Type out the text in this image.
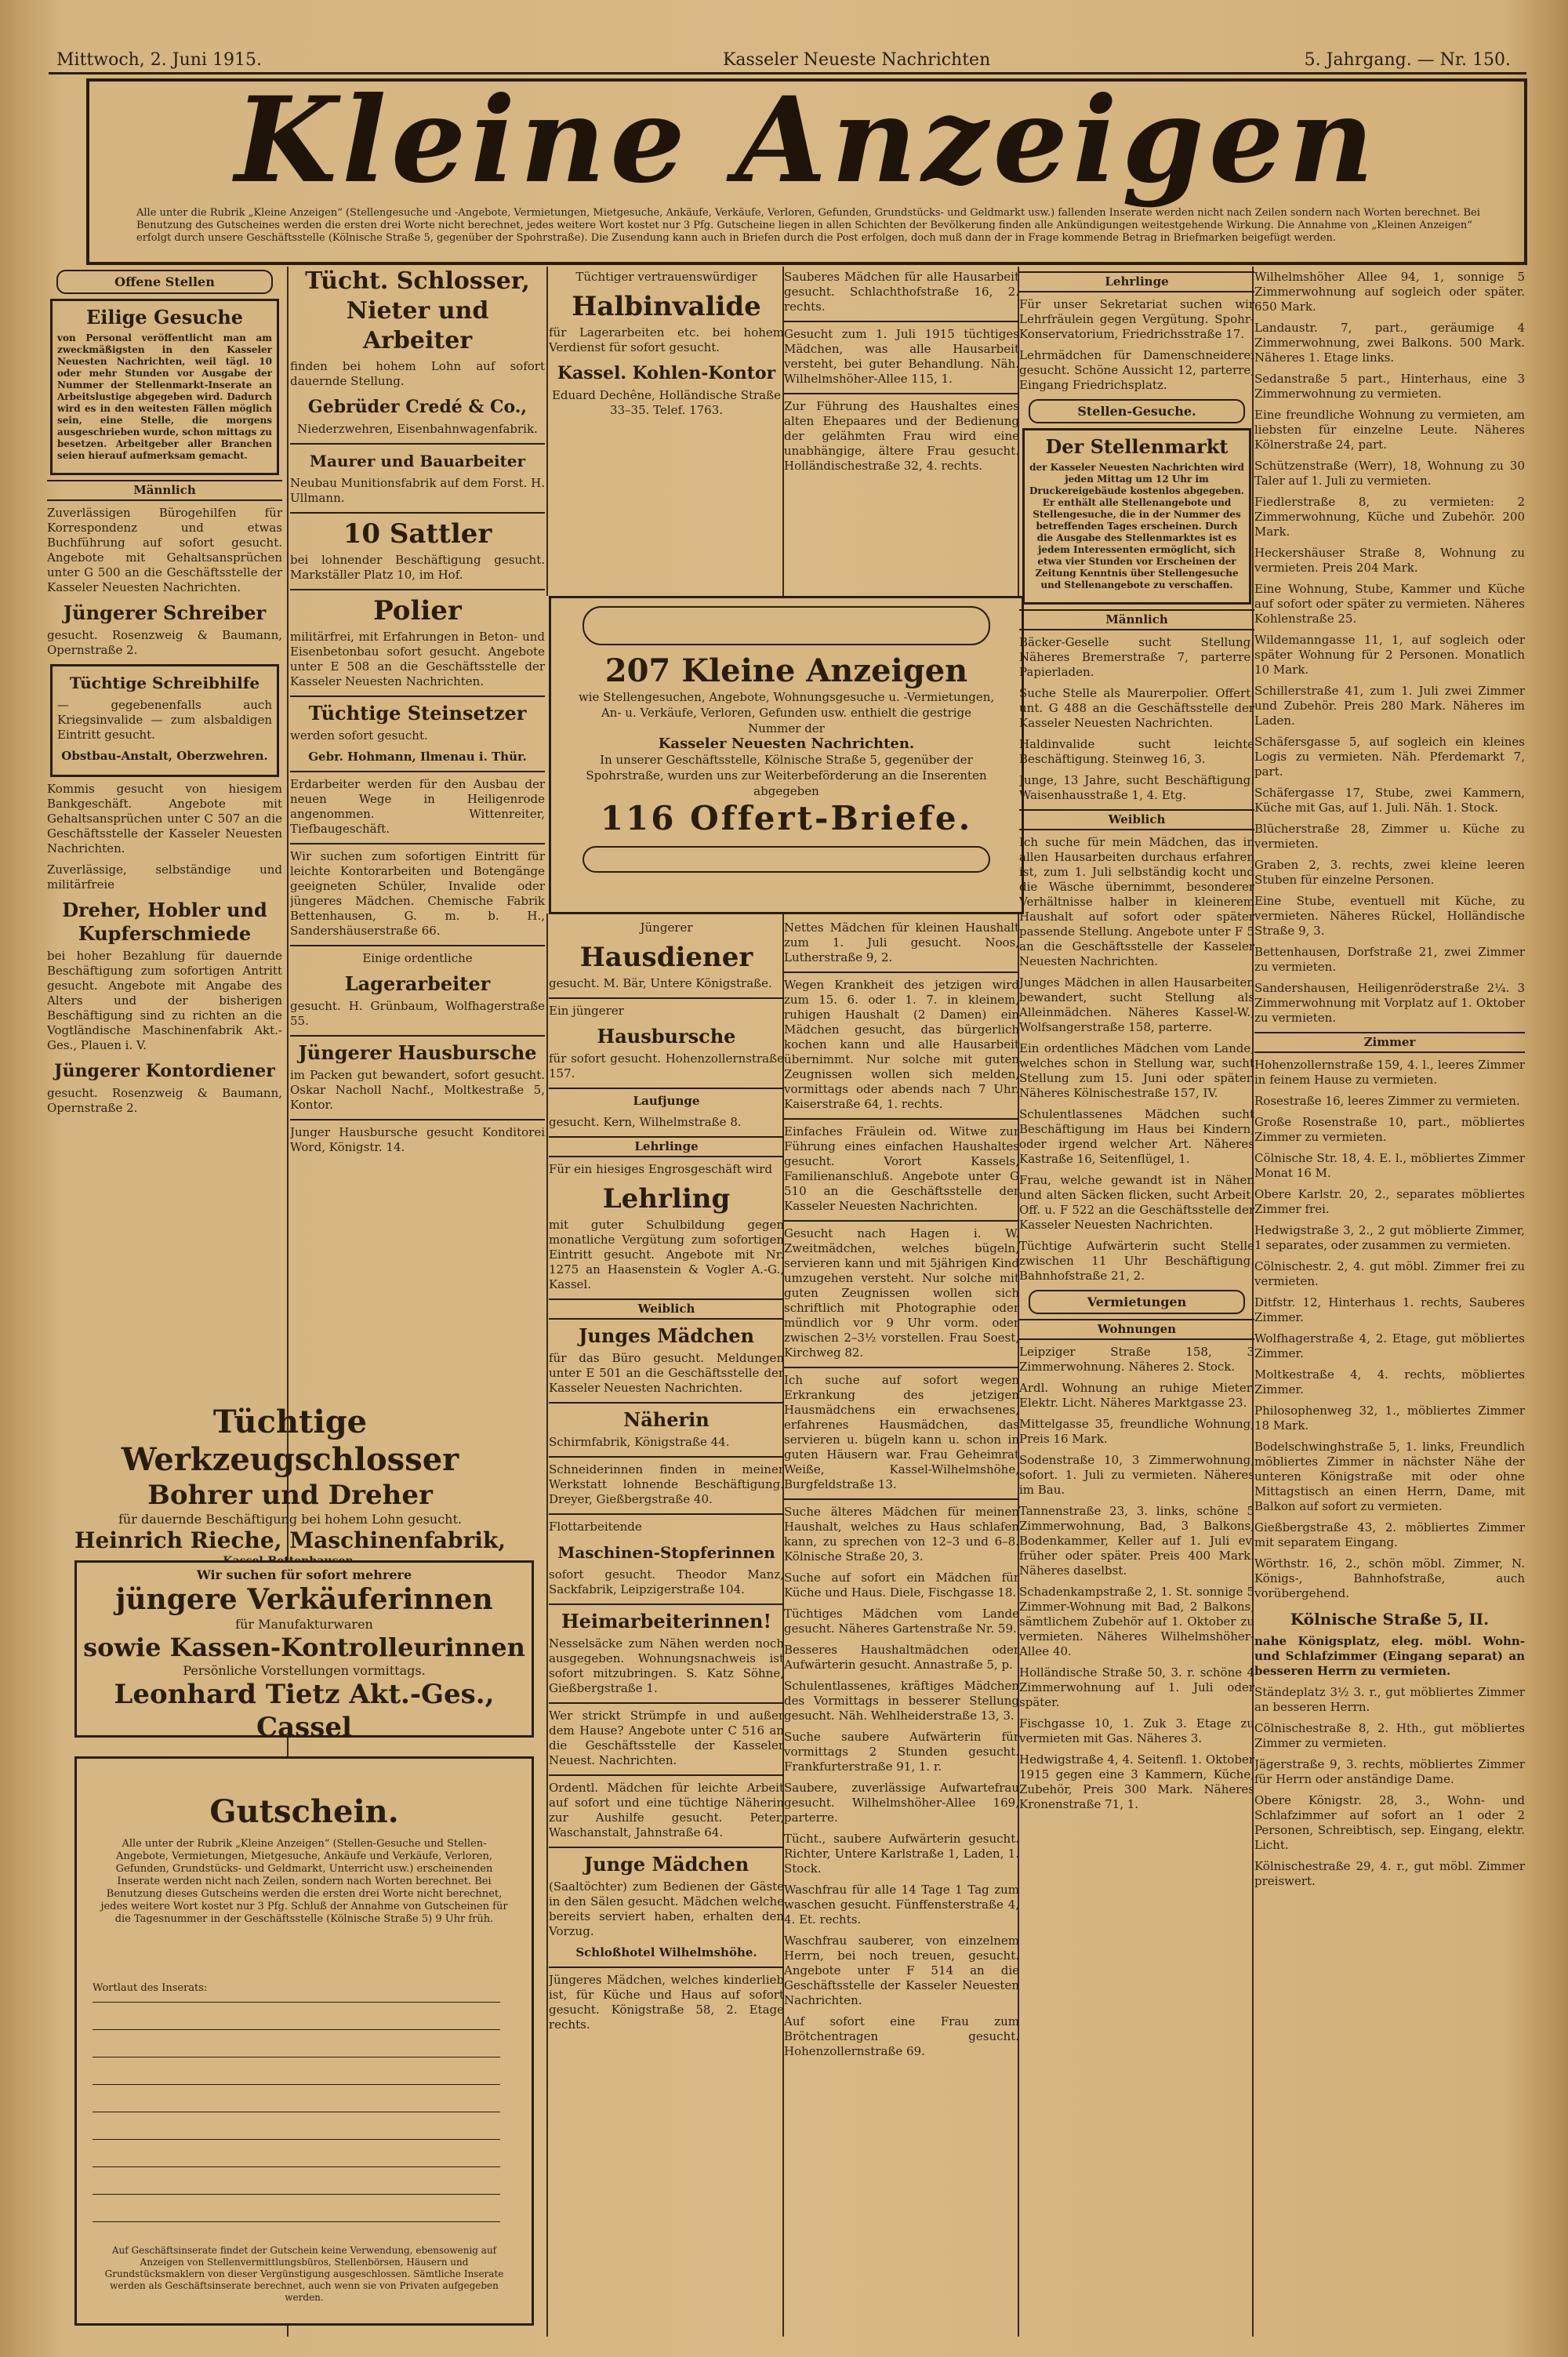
Mittwoch, 2. Juni 1915.	Kasseler Neueste Nachrichten	5. Jahrgang. — Nr. 150.
Kleine Anzeigen
Alle unter die Rubrik „Kleine Anzeigen“ (Stellengesuche und -Angebote, Vermietungen, Mietgesuche, Ankäufe, Verkäufe, Verloren, Gefunden, Grundstücks- und Geldmarkt usw.) fallenden Inserate werden nicht nach Zeilen sondern nach Worten berechnet. Bei Benutzung des Gutscheines werden die ersten drei Worte nicht berechnet, jedes weitere Wort kostet nur 3 Pfg. Gutscheine liegen in allen Schichten der Bevölkerung finden alle Ankündigungen weitestgehende Wirkung. Die Annahme von „Kleinen Anzeigen“ erfolgt durch unsere Geschäftsstelle (Kölnische Straße 5, gegenüber der Spohrstraße). Die Zusendung kann auch in Briefen durch die Post erfolgen, doch muß dann der in Frage kommende Betrag in Briefmarken beigefügt werden.
Offene Stellen
Eilige Gesuche
von Personal veröffentlicht man am zweckmäßigsten in den Kasseler Neuesten Nachrichten, weil tägl. 10 oder mehr Stunden vor Ausgabe der Nummer der Stellenmarkt-Inserate an Arbeitslustige abgegeben wird. Dadurch wird es in den weitesten Fällen möglich sein, eine Stelle, die morgens ausgeschrieben wurde, schon mittags zu besetzen. Arbeitgeber aller Branchen seien hierauf aufmerksam gemacht.
Männlich
Zuverlässigen Bürogehilfen für Korrespondenz und etwas Buchführung auf sofort gesucht. Angebote mit Gehaltsansprüchen unter G 500 an die Geschäftsstelle der Kasseler Neuesten Nachrichten.
Jüngerer Schreiber
gesucht. Rosenzweig & Baumann, Opernstraße 2.
Tüchtige Schreibhilfe
— gegebenenfalls auch Kriegsinvalide — zum alsbaldigen Eintritt gesucht.
Obstbau-Anstalt, Oberzwehren.
Kommis gesucht von hiesigem Bankgeschäft. Angebote mit Gehaltsansprüchen unter C 507 an die Geschäftsstelle der Kasseler Neuesten Nachrichten.
Zuverlässige, selbständige und militärfreie
Dreher, Hobler und Kupferschmiede
bei hoher Bezahlung für dauernde Beschäftigung zum sofortigen Antritt gesucht. Angebote mit Angabe des Alters und der bisherigen Beschäftigung sind zu richten an die Vogtländische Maschinenfabrik Akt.-Ges., Plauen i. V.
Jüngerer Kontordiener
gesucht. Rosenzweig & Baumann, Opernstraße 2.
Tücht. Schlosser, Nieter und Arbeiter
finden bei hohem Lohn auf sofort dauernde Stellung.
Gebrüder Credé & Co.,
Niederzwehren, Eisenbahnwagenfabrik.
Maurer und Bauarbeiter
Neubau Munitionsfabrik auf dem Forst. H. Ullmann.
10 Sattler
bei lohnender Beschäftigung gesucht. Markställer Platz 10, im Hof.
Polier
militärfrei, mit Erfahrungen in Beton- und Eisenbetonbau sofort gesucht. Angebote unter E 508 an die Geschäftsstelle der Kasseler Neuesten Nachrichten.
Tüchtige Steinsetzer
werden sofort gesucht.
Gebr. Hohmann, Ilmenau i. Thür.
Erdarbeiter werden für den Ausbau der neuen Wege in Heiligenrode angenommen. Wittenreiter, Tiefbaugeschäft.
Wir suchen zum sofortigen Eintritt für leichte Kontorarbeiten und Botengänge geeigneten Schüler, Invalide oder jüngeres Mädchen. Chemische Fabrik Bettenhausen, G. m. b. H., Sandershäuserstraße 66.
Einige ordentliche
Lagerarbeiter
gesucht. H. Grünbaum, Wolfhagerstraße 55.
Jüngerer Hausbursche
im Packen gut bewandert, sofort gesucht. Oskar Nacholl Nachf., Moltkestraße 5, Kontor.
Junger Hausbursche gesucht Konditorei Word, Königstr. 14.
Tüchtige Werkzeugschlosser
Bohrer und Dreher
für dauernde Beschäftigung bei hohem Lohn gesucht.
Heinrich Rieche, Maschinenfabrik,
Wir suchen für sofort mehrere
jüngere Verkäuferinnen
für Manufakturwaren
sowie Kassen-Kontrolleurinnen
Persönliche Vorstellungen vormittags.
Leonhard Tietz Akt.-Ges., Cassel
Gutschein.
Alle unter der Rubrik „Kleine Anzeigen“ (Stellen-Gesuche und Stellen-Angebote, Vermietungen, Mietgesuche, Ankäufe und Verkäufe, Verloren, Gefunden, Grundstücks- und Geldmarkt, Unterricht usw.) erscheinenden Inserate werden nicht nach Zeilen, sondern nach Worten berechnet. Bei Benutzung dieses Gutscheins werden die ersten drei Worte nicht berechnet, jedes weitere Wort kostet nur 3 Pfg. Schluß der Annahme von Gutscheinen für die Tagesnummer in der Geschäftsstelle (Kölnische Straße 5) 9 Uhr früh.
Wortlaut des Inserats:
Auf Geschäftsinserate findet der Gutschein keine Verwendung, ebensowenig auf Anzeigen von Stellenvermittlungsbüros, Stellenbörsen, Häusern und Grundstücksmaklern von dieser Vergünstigung ausgeschlossen. Sämtliche Inserate werden als Geschäftsinserate berechnet, auch wenn sie von Privaten aufgegeben werden.
Tüchtiger vertrauenswürdiger
Halbinvalide
für Lagerarbeiten etc. bei hohem Verdienst für sofort gesucht.
Kassel. Kohlen-Kontor
Eduard Dechêne, Holländische Straße 33–35. Telef. 1763.
Sauberes Mädchen für alle Hausarbeit gesucht. Schlachthofstraße 16, 2. rechts.
Gesucht zum 1. Juli 1915 tüchtiges Mädchen, was alle Hausarbeit versteht, bei guter Behandlung. Näh. Wilhelmshöher-Allee 115, 1.
Zur Führung des Haushaltes eines alten Ehepaares und der Bedienung der gelähmten Frau wird eine unabhängige, ältere Frau gesucht. Holländischestraße 32, 4. rechts.
207 Kleine Anzeigen
wie Stellengesuchen, Angebote, Wohnungsgesuche u. -Vermietungen, An- u. Verkäufe, Verloren, Gefunden usw. enthielt die gestrige Nummer der
Kasseler Neuesten Nachrichten.
In unserer Geschäftsstelle, Kölnische Straße 5, gegenüber der Spohrstraße, wurden uns zur Weiterbeförderung an die Inserenten abgegeben
116 Offert-Briefe.
Jüngerer
Hausdiener
gesucht. M. Bär, Untere Königstraße.
Ein jüngerer
Hausbursche
für sofort gesucht. Hohenzollernstraße 157.
Laufjunge
gesucht. Kern, Wilhelmstraße 8.
Lehrlinge
Für ein hiesiges Engrosgeschäft wird
Lehrling
mit guter Schulbildung gegen monatliche Vergütung zum sofortigen Eintritt gesucht. Angebote mit Nr. 1275 an Haasenstein & Vogler A.-G., Kassel.
Weiblich
Junges Mädchen
für das Büro gesucht. Meldungen unter E 501 an die Geschäftsstelle der Kasseler Neuesten Nachrichten.
Näherin
Schirmfabrik, Königstraße 44.
Schneiderinnen finden in meiner Werkstatt lohnende Beschäftigung. Dreyer, Gießbergstraße 40.
Flottarbeitende
Maschinen-Stopferinnen
sofort gesucht. Theodor Manz, Sackfabrik, Leipzigerstraße 104.
Heimarbeiterinnen!
Nesselsäcke zum Nähen werden noch ausgegeben. Wohnungsnachweis ist sofort mitzubringen. S. Katz Söhne, Gießbergstraße 1.
Wer strickt Strümpfe in und außer dem Hause? Angebote unter C 516 an die Geschäftsstelle der Kasseler Neuest. Nachrichten.
Ordentl. Mädchen für leichte Arbeit auf sofort und eine tüchtige Näherin zur Aushilfe gesucht. Peter, Waschanstalt, Jahnstraße 64.
Junge Mädchen
(Saaltöchter) zum Bedienen der Gäste in den Sälen gesucht. Mädchen welche bereits serviert haben, erhalten den Vorzug.
Schloßhotel Wilhelmshöhe.
Jüngeres Mädchen, welches kinderlieb ist, für Küche und Haus auf sofort gesucht. Königstraße 58, 2. Etage rechts.
Nettes Mädchen für kleinen Haushalt zum 1. Juli gesucht. Noos, Lutherstraße 9, 2.
Wegen Krankheit des jetzigen wird zum 15. 6. oder 1. 7. in kleinem, ruhigen Haushalt (2 Damen) ein Mädchen gesucht, das bürgerlich kochen kann und alle Hausarbeit übernimmt. Nur solche mit guten Zeugnissen wollen sich melden, vormittags oder abends nach 7 Uhr. Kaiserstraße 64, 1. rechts.
Einfaches Fräulein od. Witwe zur Führung eines einfachen Haushaltes gesucht. Vorort Kassels, Familienanschluß. Angebote unter G 510 an die Geschäftsstelle der Kasseler Neuesten Nachrichten.
Gesucht nach Hagen i. W. Zweitmädchen, welches bügeln, servieren kann und mit 5jährigen Kind umzugehen versteht. Nur solche mit guten Zeugnissen wollen sich schriftlich mit Photographie oder mündlich vor 9 Uhr vorm. oder zwischen 2–3½ vorstellen. Frau Soest, Kirchweg 82.
Ich suche auf sofort wegen Erkrankung des jetzigen Hausmädchens ein erwachsenes, erfahrenes Hausmädchen, das servieren u. bügeln kann u. schon in guten Häusern war. Frau Geheimrat Weiße, Kassel-Wilhelmshöhe, Burgfeldstraße 13.
Suche älteres Mädchen für meinen Haushalt, welches zu Haus schlafen kann, zu sprechen von 12–3 und 6–8. Kölnische Straße 20, 3.
Suche auf sofort ein Mädchen für Küche und Haus. Diele, Fischgasse 18.
Tüchtiges Mädchen vom Lande gesucht. Näheres Gartenstraße Nr. 59.
Besseres Haushaltmädchen oder Aufwärterin gesucht. Annastraße 5, p.
Schulentlassenes, kräftiges Mädchen des Vormittags in besserer Stellung gesucht. Näh. Wehlheiderstraße 13, 3.
Suche saubere Aufwärterin für vormittags 2 Stunden gesucht. Frankfurterstraße 91, 1. r.
Saubere, zuverlässige Aufwartefrau gesucht. Wilhelmshöher-Allee 169, parterre.
Tücht., saubere Aufwärterin gesucht. Richter, Untere Karlstraße 1, Laden, 1. Stock.
Waschfrau für alle 14 Tage 1 Tag zum waschen gesucht. Fünffensterstraße 4, 4. Et. rechts.
Waschfrau sauberer, von einzelnem Herrn, bei noch treuen, gesucht. Angebote unter F 514 an die Geschäftsstelle der Kasseler Neuesten Nachrichten.
Auf sofort eine Frau zum Brötchentragen gesucht. Hohenzollernstraße 69.
Lehrlinge
Für unser Sekretariat suchen wir Lehrfräulein gegen Vergütung. Spohr-Konservatorium, Friedrichsstraße 17.
Lehrmädchen für Damenschneiderei gesucht. Schöne Aussicht 12, parterre, Eingang Friedrichsplatz.
Stellen-Gesuche.
Der Stellenmarkt
der Kasseler Neuesten Nachrichten wird jeden Mittag um 12 Uhr im Druckereigebäude kostenlos abgegeben. Er enthält alle Stellenangebote und Stellengesuche, die in der Nummer des betreffenden Tages erscheinen. Durch die Ausgabe des Stellenmarktes ist es jedem Interessenten ermöglicht, sich etwa vier Stunden vor Erscheinen der Zeitung Kenntnis über Stellengesuche und Stellenangebote zu verschaffen.
Männlich
Bäcker-Geselle sucht Stellung. Näheres Bremerstraße 7, parterre. Papierladen.
Suche Stelle als Maurerpolier. Offert. unt. G 488 an die Geschäftsstelle der Kasseler Neuesten Nachrichten.
Haldinvalide sucht leichte Beschäftigung. Steinweg 16, 3.
Junge, 13 Jahre, sucht Beschäftigung. Waisenhausstraße 1, 4. Etg.
Weiblich
Ich suche für mein Mädchen, das in allen Hausarbeiten durchaus erfahren ist, zum 1. Juli selbständig kocht und die Wäsche übernimmt, besonderer Verhältnisse halber in kleinerem Haushalt auf sofort oder später passende Stellung. Angebote unter F 5 an die Geschäftsstelle der Kasseler Neuesten Nachrichten.
Junges Mädchen in allen Hausarbeiten bewandert, sucht Stellung als Alleinmädchen. Näheres Kassel-W., Wolfsangerstraße 158, parterre.
Ein ordentliches Mädchen vom Lande, welches schon in Stellung war, sucht Stellung zum 15. Juni oder später. Näheres Kölnischestraße 157, IV.
Schulentlassenes Mädchen sucht Beschäftigung im Haus bei Kindern, oder irgend welcher Art. Näheres Kastraße 16, Seitenflügel, 1.
Frau, welche gewandt ist in Nähen und alten Säcken flicken, sucht Arbeit. Off. u. F 522 an die Geschäftsstelle der Kasseler Neuesten Nachrichten.
Tüchtige Aufwärterin sucht Stelle zwischen 11 Uhr Beschäftigung. Bahnhofstraße 21, 2.
Vermietungen
Wohnungen
Leipziger Straße 158, 3 Zimmerwohnung. Näheres 2. Stock.
Ardl. Wohnung an ruhige Mieter. Elektr. Licht. Näheres Marktgasse 23.
Mittelgasse 35, freundliche Wohnung, Preis 16 Mark.
Sodenstraße 10, 3 Zimmerwohnung, sofort. 1. Juli zu vermieten. Näheres im Bau.
Tannenstraße 23, 3. links, schöne 5 Zimmerwohnung, Bad, 3 Balkons, Bodenkammer, Keller auf 1. Juli ev. früher oder später. Preis 400 Mark. Näheres daselbst.
Schadenkampstraße 2, 1. St. sonnige 5 Zimmer-Wohnung mit Bad, 2 Balkons, sämtlichem Zubehör auf 1. Oktober zu vermieten. Näheres Wilhelmshöher-Allee 40.
Holländische Straße 50, 3. r. schöne 4 Zimmerwohnung auf 1. Juli oder später.
Fischgasse 10, 1. Zuk 3. Etage zu vermieten mit Gas. Näheres 3.
Hedwigstraße 4, 4. Seitenfl. 1. Oktober 1915 gegen eine 3 Kammern, Küche, Zubehör, Preis 300 Mark. Näheres Kronenstraße 71, 1.
Wilhelmshöher Allee 94, 1, sonnige 5 Zimmerwohnung auf sogleich oder später. 650 Mark.
Landaustr. 7, part., geräumige 4 Zimmerwohnung, zwei Balkons. 500 Mark. Näheres 1. Etage links.
Sedanstraße 5 part., Hinterhaus, eine 3 Zimmerwohnung zu vermieten.
Eine freundliche Wohnung zu vermieten, am liebsten für einzelne Leute. Näheres Kölnerstraße 24, part.
Schützenstraße (Werr), 18, Wohnung zu 30 Taler auf 1. Juli zu vermieten.
Fiedlerstraße 8, zu vermieten: 2 Zimmerwohnung, Küche und Zubehör. 200 Mark.
Heckershäuser Straße 8, Wohnung zu vermieten. Preis 204 Mark.
Eine Wohnung, Stube, Kammer und Küche auf sofort oder später zu vermieten. Näheres Kohlenstraße 25.
Wildemanngasse 11, 1, auf sogleich oder später Wohnung für 2 Personen. Monatlich 10 Mark.
Schillerstraße 41, zum 1. Juli zwei Zimmer und Zubehör. Preis 280 Mark. Näheres im Laden.
Schäfersgasse 5, auf sogleich ein kleines Logis zu vermieten. Näh. Pferdemarkt 7, part.
Schäfergasse 17, Stube, zwei Kammern, Küche mit Gas, auf 1. Juli. Näh. 1. Stock.
Blücherstraße 28, Zimmer u. Küche zu vermieten.
Graben 2, 3. rechts, zwei kleine leeren Stuben für einzelne Personen.
Eine Stube, eventuell mit Küche, zu vermieten. Näheres Rückel, Holländische Straße 9, 3.
Bettenhausen, Dorfstraße 21, zwei Zimmer zu vermieten.
Sandershausen, Heiligenröderstraße 2¼. 3 Zimmerwohnung mit Vorplatz auf 1. Oktober zu vermieten.
Zimmer
Hohenzollernstraße 159, 4. l., leeres Zimmer in feinem Hause zu vermieten.
Rosestraße 16, leeres Zimmer zu vermieten.
Große Rosenstraße 10, part., möbliertes Zimmer zu vermieten.
Cölnische Str. 18, 4. E. l., möbliertes Zimmer Monat 16 M.
Obere Karlstr. 20, 2., separates möbliertes Zimmer frei.
Hedwigstraße 3, 2., 2 gut möblierte Zimmer, 1 separates, oder zusammen zu vermieten.
Cölnischestr. 2, 4. gut möbl. Zimmer frei zu vermieten.
Ditfstr. 12, Hinterhaus 1. rechts, Sauberes Zimmer.
Wolfhagerstraße 4, 2. Etage, gut möbliertes Zimmer.
Moltkestraße 4, 4. rechts, möbliertes Zimmer.
Philosophenweg 32, 1., möbliertes Zimmer 18 Mark.
Bodelschwinghstraße 5, 1. links, Freundlich möbliertes Zimmer in nächster Nähe der unteren Königstraße mit oder ohne Mittagstisch an einen Herrn, Dame, mit Balkon auf sofort zu vermieten.
Gießbergstraße 43, 2. möbliertes Zimmer mit separatem Eingang.
Wörthstr. 16, 2., schön möbl. Zimmer, N. Königs-, Bahnhofstraße, auch vorübergehend.
Kölnische Straße 5, II.
nahe Königsplatz, eleg. möbl. Wohn- und Schlafzimmer (Eingang separat) an besseren Herrn zu vermieten.
Ständeplatz 3½ 3. r., gut möbliertes Zimmer an besseren Herrn.
Cölnischestraße 8, 2. Hth., gut möbliertes Zimmer zu vermieten.
Jägerstraße 9, 3. rechts, möbliertes Zimmer für Herrn oder anständige Dame.
Obere Königstr. 28, 3., Wohn- und Schlafzimmer auf sofort an 1 oder 2 Personen, Schreibtisch, sep. Eingang, elektr. Licht.
Kölnischestraße 29, 4. r., gut möbl. Zimmer preiswert.
